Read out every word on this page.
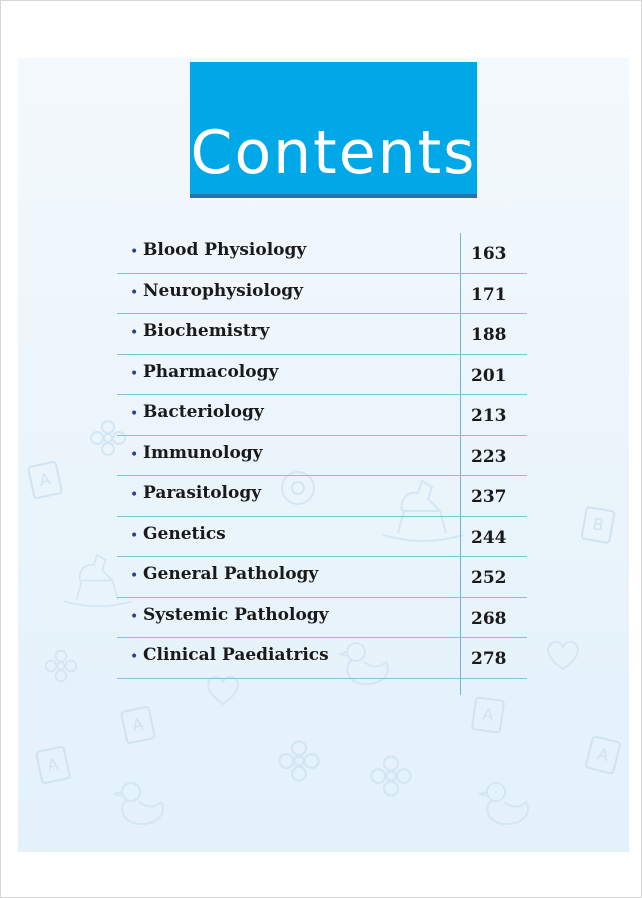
A
B
A
A
A
A
Contents
• Blood Physiology	163
• Neurophysiology	171
• Biochemistry	188
• Pharmacology	201
• Bacteriology	213
• Immunology	223
• Parasitology	237
• Genetics	244
• General Pathology	252
• Systemic Pathology	268
• Clinical Paediatrics	278
